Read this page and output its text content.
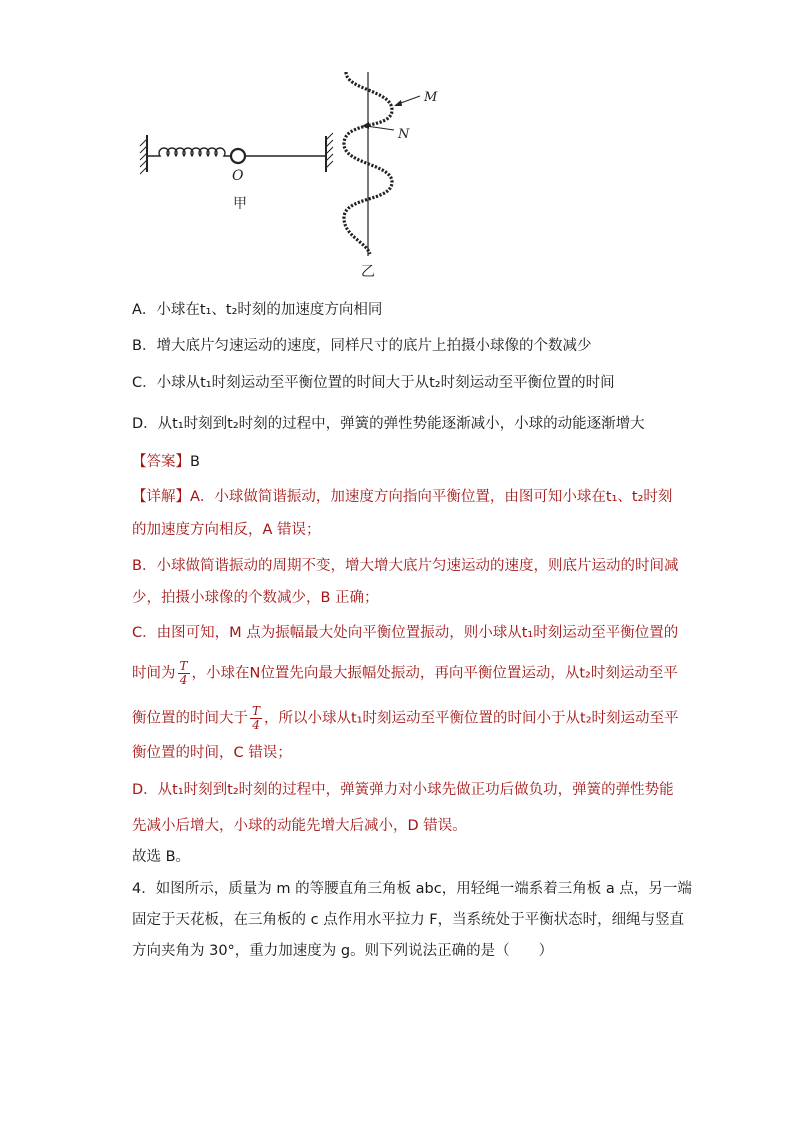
M
N
O
甲
乙
A．小球在t₁、t₂时刻的加速度方向相同
B．增大底片匀速运动的速度，同样尺寸的底片上拍摄小球像的个数减少
C．小球从t₁时刻运动至平衡位置的时间大于从t₂时刻运动至平衡位置的时间
D．从t₁时刻到t₂时刻的过程中，弹簧的弹性势能逐渐减小，小球的动能逐渐增大
【答案】B
【详解】A．小球做简谐振动，加速度方向指向平衡位置，由图可知小球在t₁、t₂时刻
的加速度方向相反，A 错误；
B．小球做简谐振动的周期不变，增大增大底片匀速运动的速度，则底片运动的时间减
少，拍摄小球像的个数减少，B 正确；
C．由图可知，M 点为振幅最大处向平衡位置振动，则小球从t₁时刻运动至平衡位置的
时间为 $\frac{T}{4}$ ，小球在N位置先向最大振幅处振动，再向平衡位置运动，从t₂时刻运动至平
衡位置的时间大于 $\frac{T}{4}$ ，所以小球从t₁时刻运动至平衡位置的时间小于从t₂时刻运动至平
衡位置的时间，C 错误；
D．从t₁时刻到t₂时刻的过程中，弹簧弹力对小球先做正功后做负功，弹簧的弹性势能
先减小后增大，小球的动能先增大后减小，D 错误。
故选 B。
4．如图所示，质量为 m 的等腰直角三角板 abc，用轻绳一端系着三角板 a 点，另一端
固定于天花板，在三角板的 c 点作用水平拉力 F，当系统处于平衡状态时，细绳与竖直
方向夹角为 30°，重力加速度为 g。则下列说法正确的是（　　）
